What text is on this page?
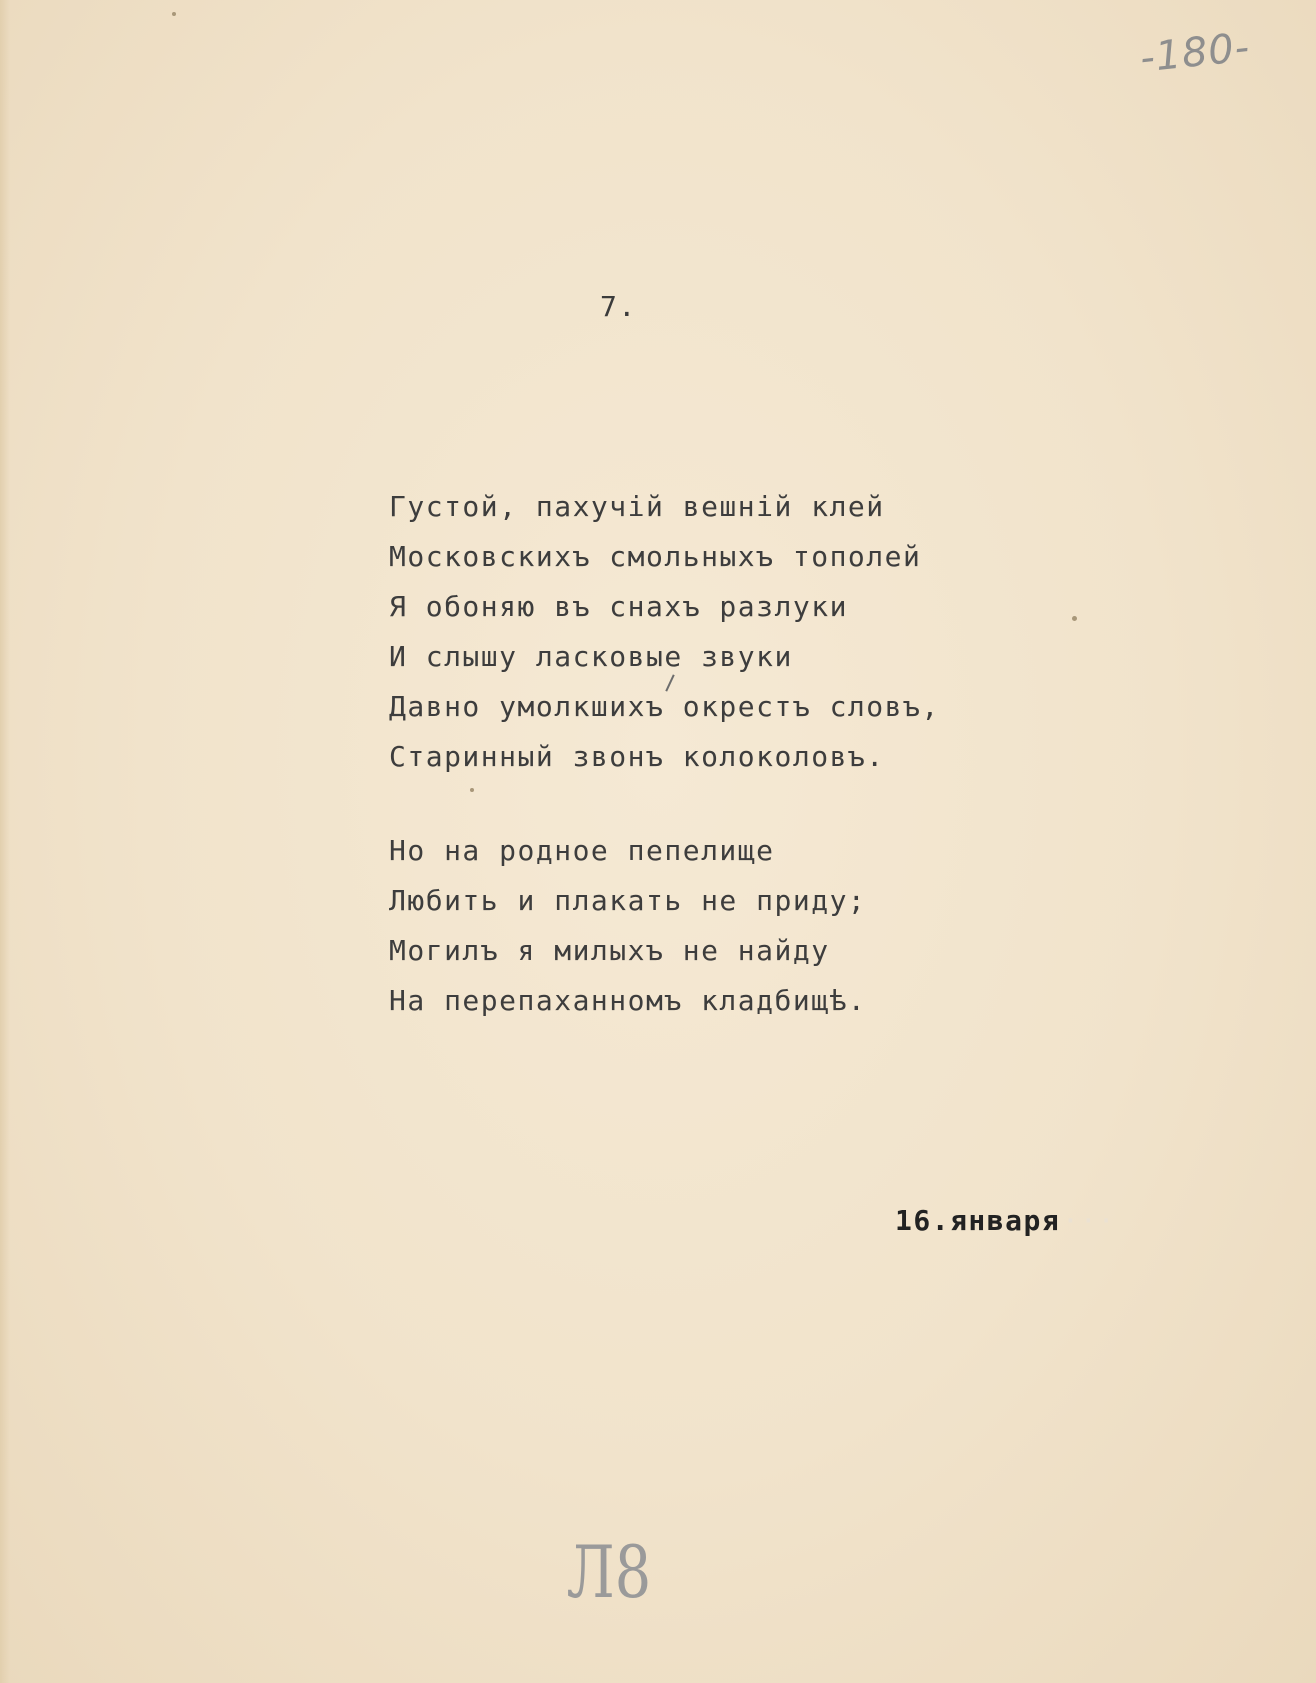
-180-
7.
Густой, пахучій вешній клей
Московскихъ смольныхъ тополей
Я обоняю въ снахъ разлуки
И слышу ласковые звуки
Давно умолкшихъ окрестъ словъ,
Старинный звонъ колоколовъ.
Но на родное пепелище
Любить и плакать не приду;
Могилъ я милыхъ не найду
На перепаханномъ кладбищѣ.
16.января ···
Л8
